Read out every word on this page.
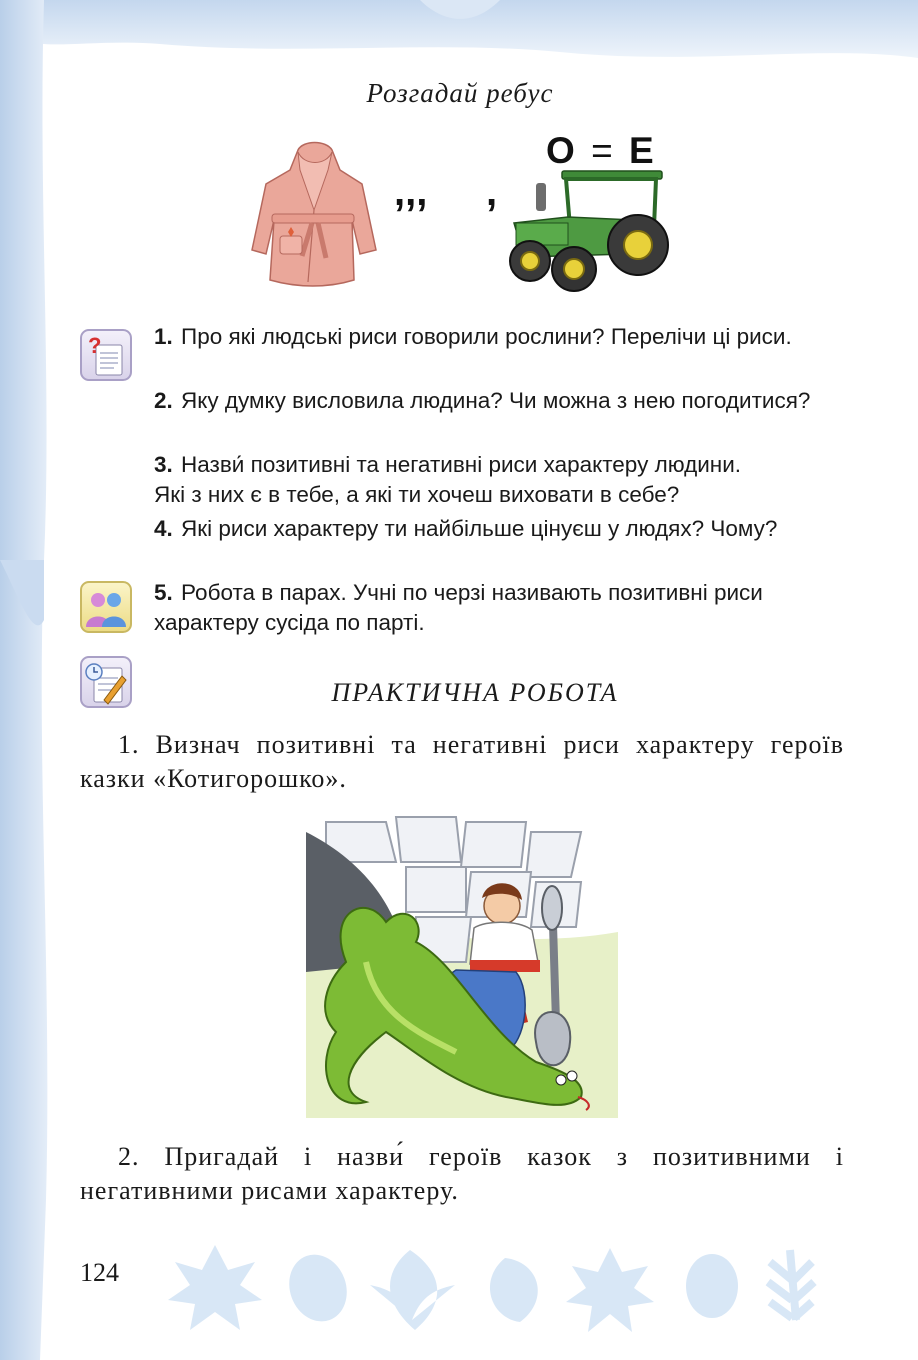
Розгадай ребус
,,, ,
О = Е
? 1. Про які людські риси говорили рослини? Перелічи ці риси.
2. Яку думку висловила людина? Чи можна з нею погодитися?
3. Назви́ позитивні та негативні риси характеру людини.
Які з них є в тебе, а які ти хочеш виховати в себе?
4. Які риси характеру ти найбільше цінуєш у людях? Чому?
5. Робота в парах. Учні по черзі називають позитивні риси характеру сусіда по парті.
ПРАКТИЧНА РОБОТА
1. Визнач позитивні та негативні риси характеру героїв казки «Котигорошко».
2. Пригадай і назви́ героїв казок з позитивними і негативними рисами характеру.
124
